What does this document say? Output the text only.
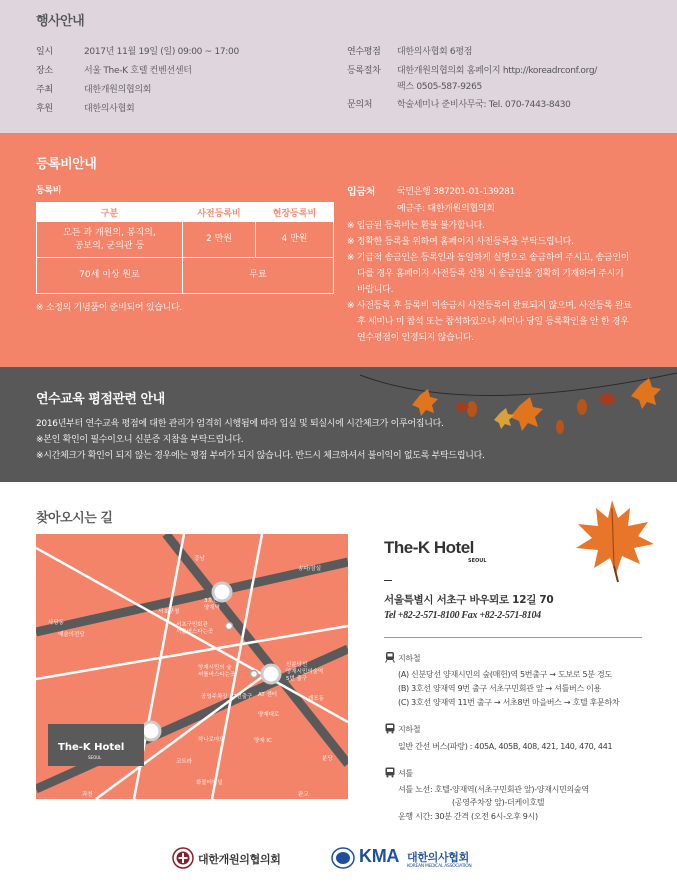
행사안내
일시	2017년 11월 19일 (일) 09:00 ~ 17:00
장소	서울 The-K 호텔 컨벤션센터
주최	대한개원의협의회
후원	대한의사협회
연수평점 대한의사협회 6평점
등록절차 대한개원의협의회 홈페이지 http://koreadrconf.org/
팩스 0505-587-9265
문의처	학술세미나 준비사무국: Tel. 070-7443-8430
등록비안내
등록비
구분	사전등록비	현장등록비
모든 과 개원의, 봉직의,
공보의, 군의관 등	2 만원	4 만원
70세 이상 원로	무료	
※ 소정의 기념품이 준비되어 있습니다.
입금처 국민은행 387201-01-139281
예금주: 대한개원의협의회
※ 입금된 등록비는 환불 불가합니다.
※ 정확한 등록을 위하여 홈페이지 사전등록을 부탁드립니다.
※ 기급적 송금인은 등록인과 동일하게 실명으로 송금하여 주시고, 송금인이
다를 경우 홈페이지 사전등록 신청 시 송금인을 정확히 기재하여 주시기
바랍니다.
※ 사전등록 후 등록비 미송금시 사전등록이 완료되지 않으며, 사전등록 완료
후 세미나 미 참석 또는 참석하였으나 세미나 당일 등록확인을 안 한 경우
연수평점이 인정되지 않습니다.
연수교육 평점관련 안내
2016년부터 연수교육 평점에 대한 관리가 엄격히 시행됨에 따라 입실 및 퇴실시에 시간체크가 이루어집니다.
※본인 확인이 필수이오니 신분증 지참을 부탁드립니다.
※시간체크가 확인이 되지 않는 경우에는 평점 부여가 되지 않습니다. 반드시 체크하셔서 불이익이 없도록 부탁드립니다.
찾아오시는 길
강남
송파/잠실
사당동
예술의전당
서초구청
3호선
양재역
서초구민회관
셔틀버스타는곳
양재시민의 숲
셔틀버스타는곳
신분당선
양재시민의숲역
5번 출구
공영주차장 / 7번출구 AT 센터
개포동
양재대로
하나로마트	양재 IC
코트라	분당
화물터미널
과천	판교
The-K Hotel
SEOUL
The-K Hotel
SEOUL
서울특별시 서초구 바우뫼로 12길 70
Tel +82-2-571-8100 Fax +82-2-571-8104
지하철
(A) 신분당선 양재시민의 숲(매헌)역 5번출구 → 도보로 5분 경도
(B) 3호선 양재역 9번 출구 서초구민회관 앞 → 셔틀버스 이용
(C) 3호선 양재역 11번 출구 → 서초8번 마을버스 → 호텔 후문하차
지하철
일반 간선 버스(파랑) : 405A, 405B, 408, 421, 140, 470, 441
셔틀
셔틀 노선: 호텔-양재역(서초구민회관 앞)-양재시민의숲역
(공영주차장 앞)-더케이호텔
운행 시간: 30분 간격 (오전 6시-오후 9시)
대한개원의협의회	KMA 대한의사협회
KOREAN MEDICAL ASSOCIATION
